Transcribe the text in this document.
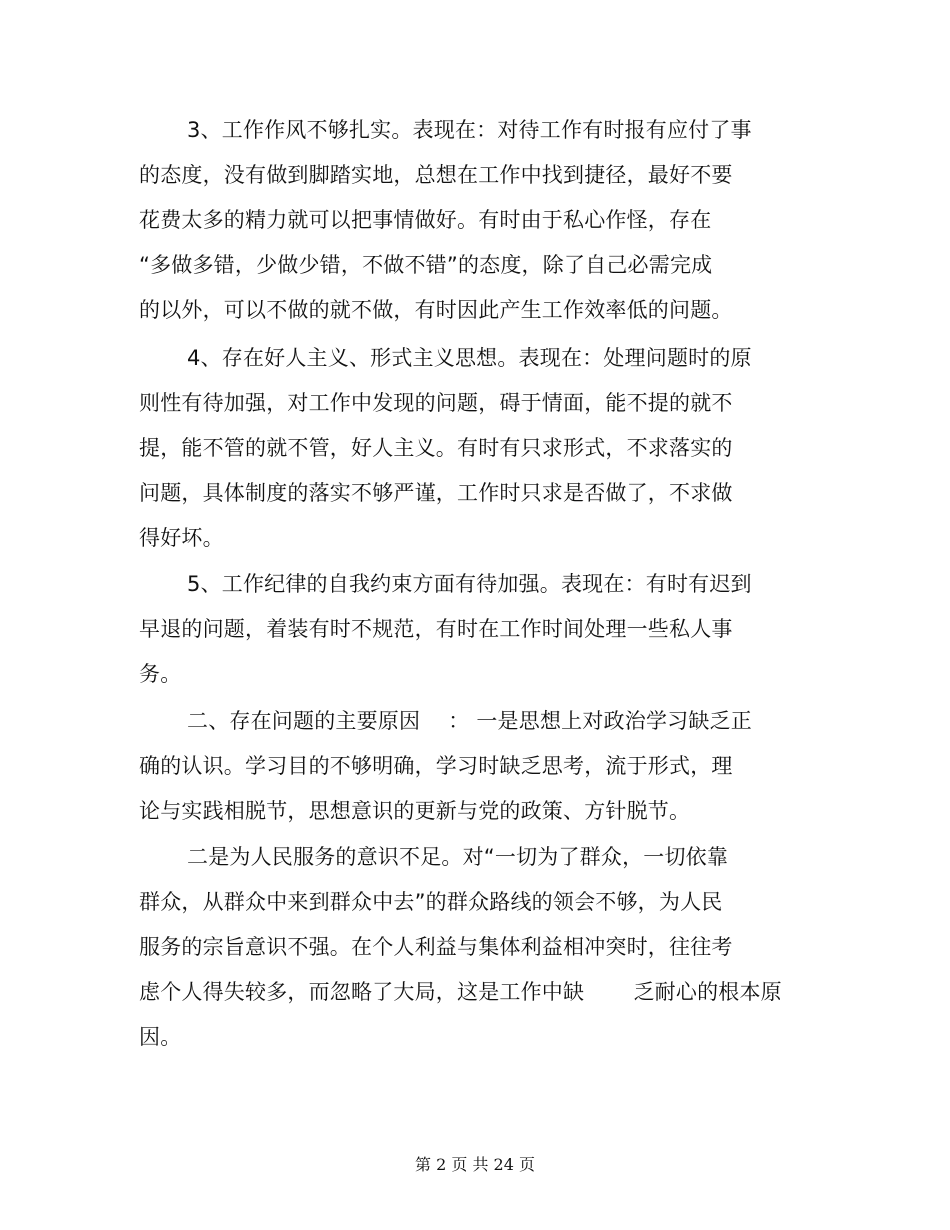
3、工作作风不够扎实。表现在：对待工作有时报有应付了事
的态度，没有做到脚踏实地，总想在工作中找到捷径，最好不要
花费太多的精力就可以把事情做好。有时由于私心作怪，存在
“多做多错，少做少错，不做不错”的态度，除了自己必需完成
的以外，可以不做的就不做，有时因此产生工作效率低的问题。
4、存在好人主义、形式主义思想。表现在：处理问题时的原
则性有待加强，对工作中发现的问题，碍于情面，能不提的就不
提，能不管的就不管，好人主义。有时有只求形式，不求落实的
问题，具体制度的落实不够严谨，工作时只求是否做了，不求做
得好坏。
5、工作纪律的自我约束方面有待加强。表现在：有时有迟到
早退的问题，着装有时不规范，有时在工作时间处理一些私人事
务。
二、存在问题的主要原因　 ： 一是思想上对政治学习缺乏正
确的认识。学习目的不够明确，学习时缺乏思考，流于形式，理
论与实践相脱节，思想意识的更新与党的政策、方针脱节。
二是为人民服务的意识不足。对“一切为了群众，一切依靠
群众，从群众中来到群众中去”的群众路线的领会不够，为人民
服务的宗旨意识不强。在个人利益与集体利益相冲突时，往往考
虑个人得失较多，而忽略了大局，这是工作中缺　　 乏耐心的根本原
因。
第 2 页 共 24 页
